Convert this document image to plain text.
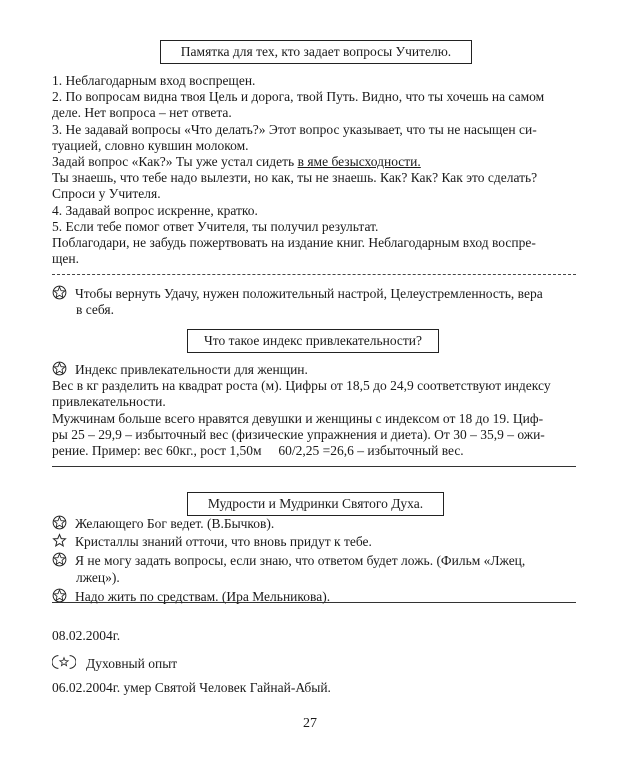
Памятка для тех, кто задает вопросы Учителю.
1. Неблагодарным вход воспрещен.
2. По вопросам видна твоя Цель и дорога, твой Путь. Видно, что ты хочешь на самом
деле. Нет вопроса – нет ответа.
3. Не задавай вопросы «Что делать?» Этот вопрос указывает, что ты не насыщен си-
туацией, словно кувшин молоком.
Задай вопрос «Как?» Ты уже устал сидеть в яме безысходности.
Ты знаешь, что тебе надо вылезти, но как, ты не знаешь. Как? Как? Как это сделать?
Спроси у Учителя.
4. Задавай вопрос искренне, кратко.
5. Если тебе помог ответ Учителя, ты получил результат.
Поблагодари, не забудь пожертвовать на издание книг. Неблагодарным вход воспре-
щен.
Чтобы вернуть Удачу, нужен положительный настрой, Целеустремленность, вера
в себя.
Что такое индекс привлекательности?
Индекс привлекательности для женщин.
Вес в кг разделить на квадрат роста (м). Цифры от 18,5 до 24,9 соответствуют индексу
привлекательности.
Мужчинам больше всего нравятся девушки и женщины с индексом от 18 до 19. Циф-
ры 25 – 29,9 – избыточный вес (физические упражнения и диета). От 30 – 35,9 – ожи-
рение. Пример: вес 60кг., рост 1,50м     60/2,25 =26,6 – избыточный вес.
Мудрости и Мудринки Святого Духа.
Желающего Бог ведет. (В.Бычков).
Кристаллы знаний отточи, что вновь придут к тебе.
Я не могу задать вопросы, если знаю, что ответом будет ложь. (Фильм «Лжец,
лжец»).
Надо жить по средствам. (Ира Мельникова).
08.02.2004г.
Духовный опыт
06.02.2004г. умер Святой Человек Гайнай-Абый.
27
